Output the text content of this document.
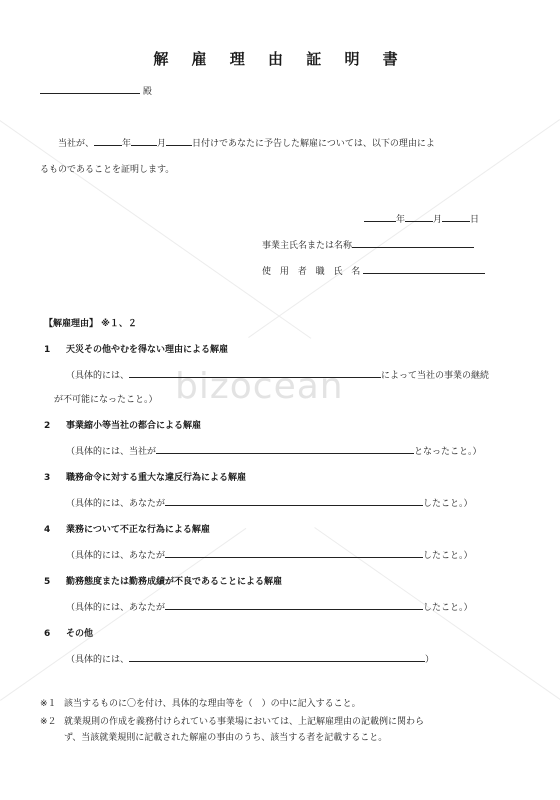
bizocean
解 雇 理 由 証 明 書
殿
当社が、	年	月	日付けであなたに予告した解雇については、以下の理由によ
るものであることを証明します。
年	月	日
事業主氏名または名称
使 用 者 職 氏 名
【解雇理由】 ※１、２
1 天災その他やむを得ない理由による解雇
（具体的には、	によって当社の事業の継続
が不可能になったこと。）
2 事業縮小等当社の都合による解雇
（具体的には、当社が	となったこと。）
3 職務命令に対する重大な違反行為による解雇
（具体的には、あなたが	したこと。）
4 業務について不正な行為による解雇
（具体的には、あなたが	したこと。）
5 勤務態度または勤務成績が不良であることによる解雇
（具体的には、あなたが	したこと。）
6 その他
（具体的には、	）
※１ 該当するものに〇を付け、具体的な理由等を（　）の中に記入すること。
※２ 就業規則の作成を義務付けられている事業場においては、上記解雇理由の記載例に関わら
ず、当該就業規則に記載された解雇の事由のうち、該当する者を記載すること。
